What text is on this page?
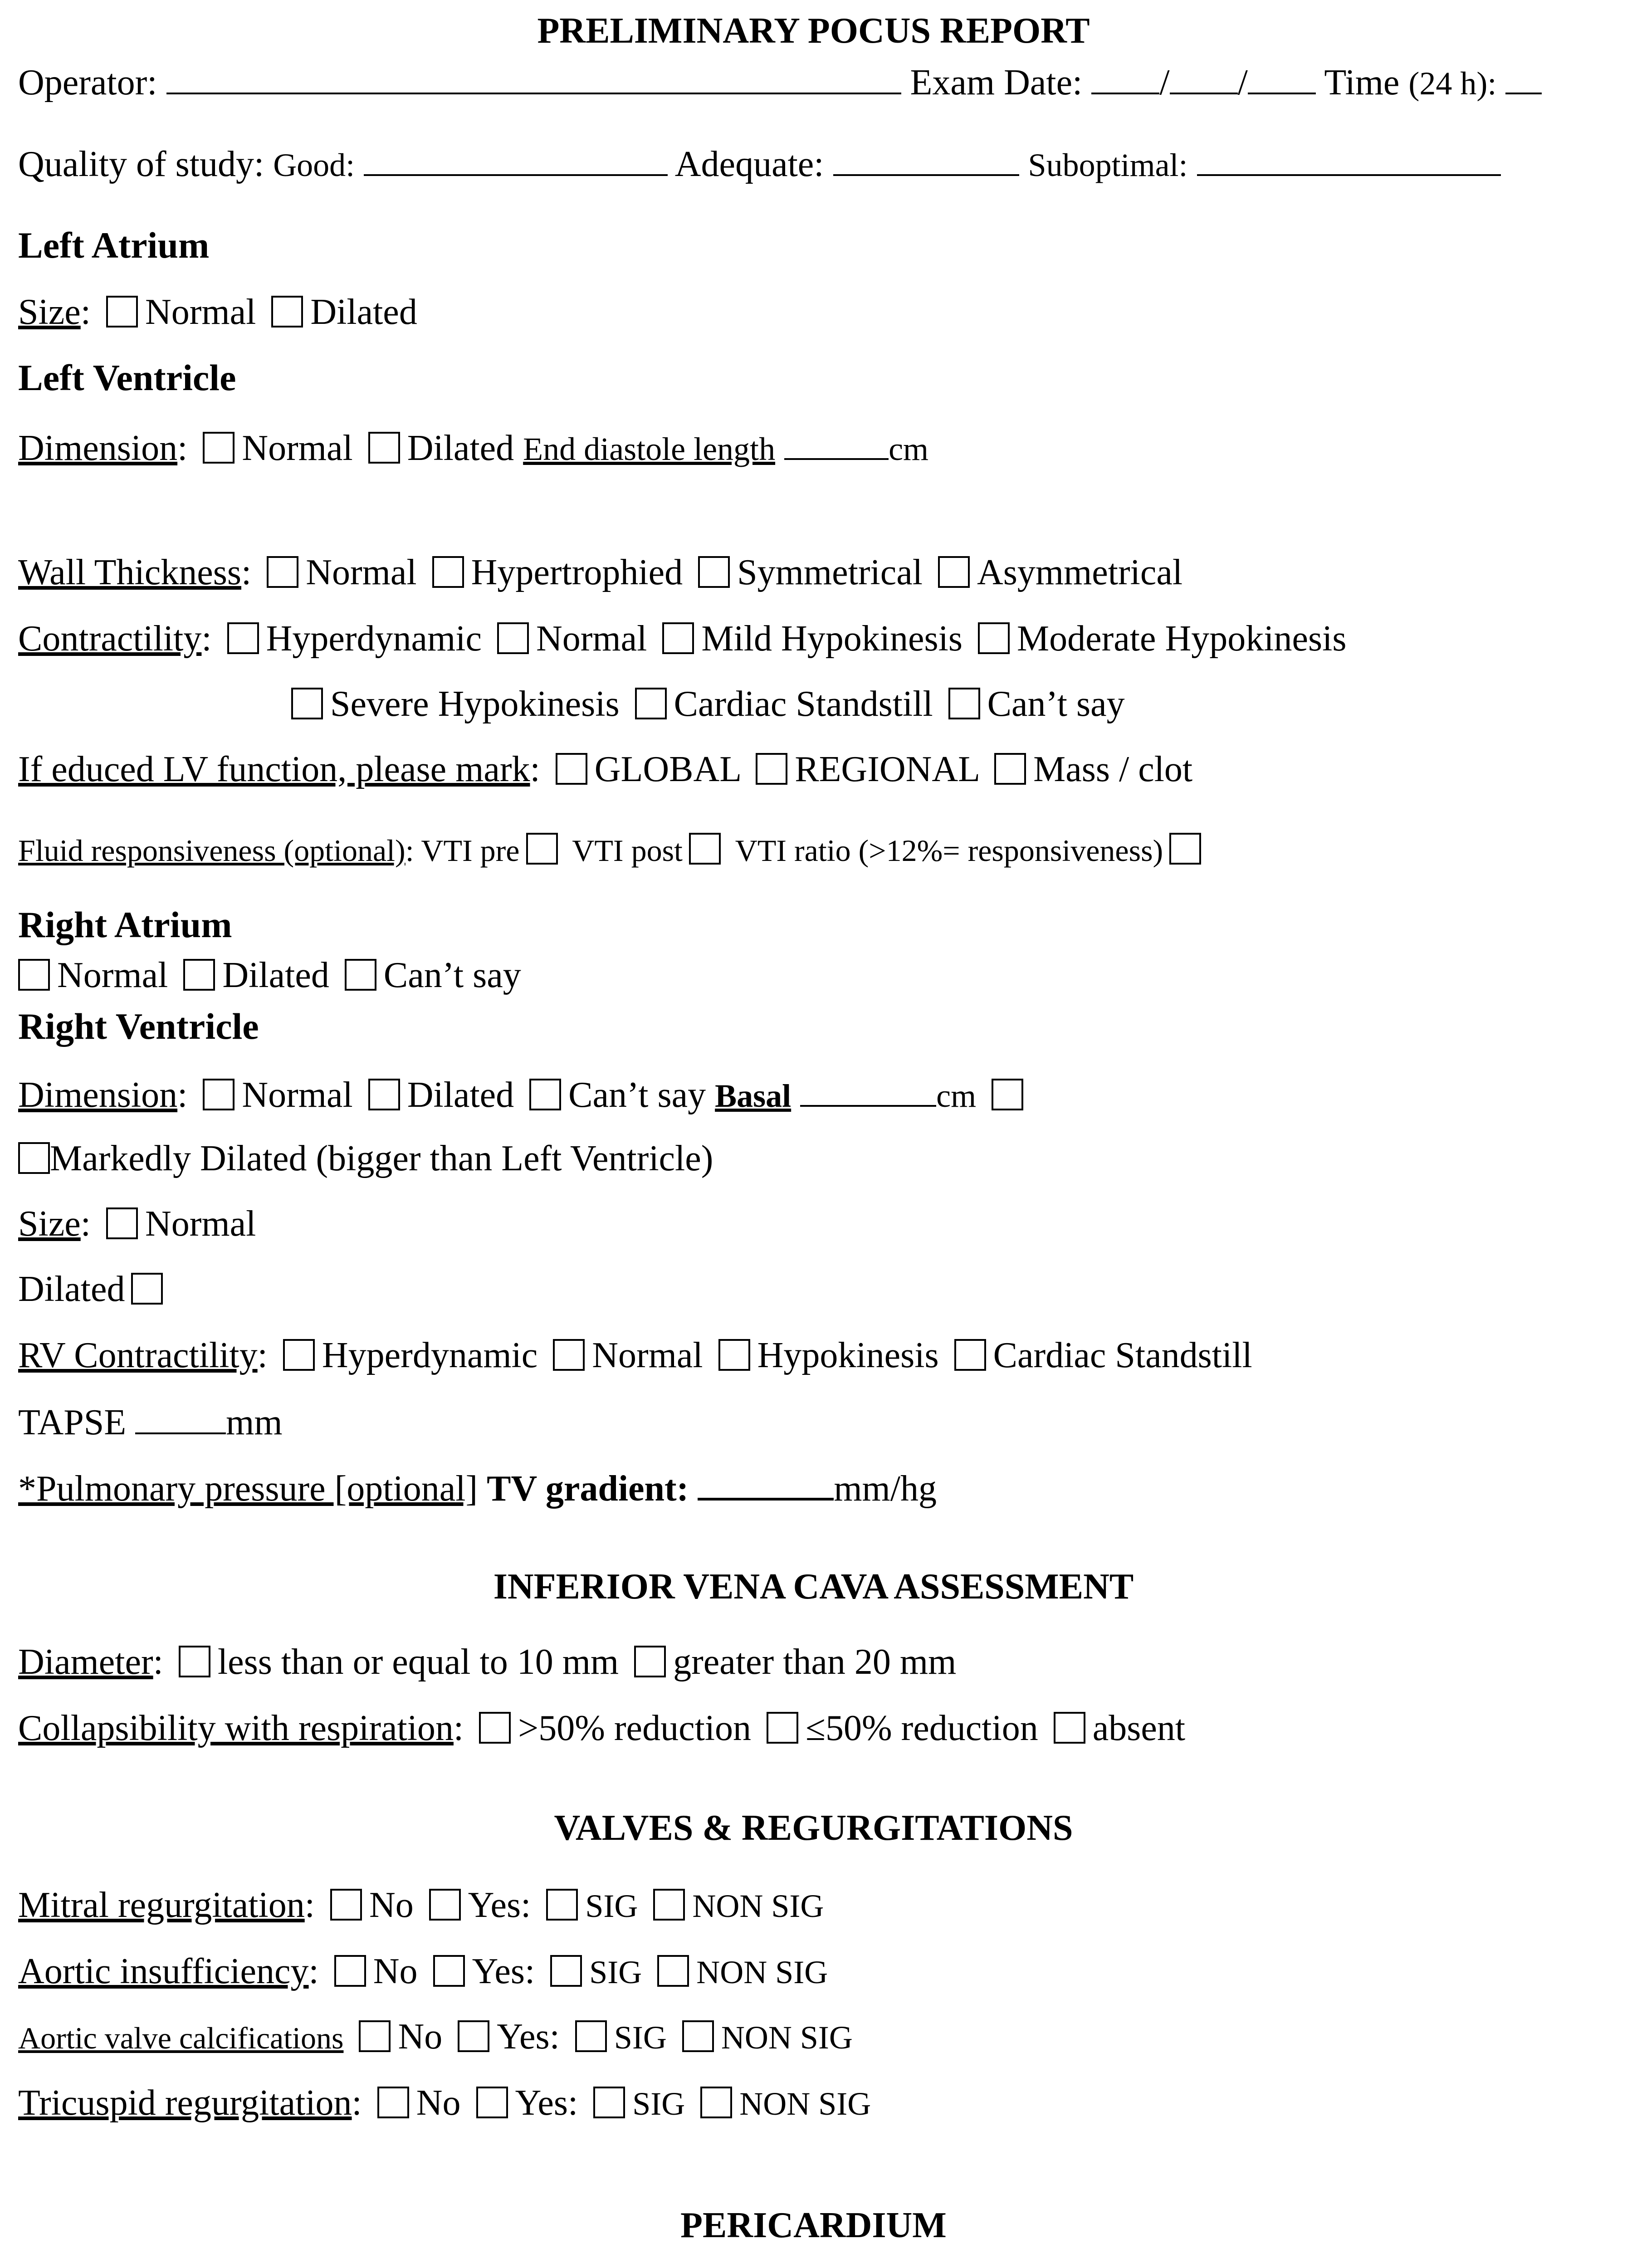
PRELIMINARY POCUS REPORT
Operator:	Exam Date: / / Time (24 h):
Quality of study: Good:	Adequate:	Suboptimal:
Left Atrium
Size: Normal Dilated
Left Ventricle
Dimension: Normal Dilated End diastole length	cm
Wall Thickness: Normal Hypertrophied Symmetrical Asymmetrical
Contractility: Hyperdynamic Normal Mild Hypokinesis Moderate Hypokinesis
Severe Hypokinesis Cardiac Standstill Can’t say
If educed LV function, please mark: GLOBAL REGIONAL Mass / clot
Fluid responsiveness (optional): VTI pre VTI post VTI ratio (>12%= responsiveness)
Right Atrium
Normal Dilated Can’t say
Right Ventricle
Dimension: Normal Dilated Can’t say Basal	cm
Markedly Dilated (bigger than Left Ventricle)
Size: Normal
Dilated
RV Contractility: Hyperdynamic Normal Hypokinesis Cardiac Standstill
TAPSE	mm
*Pulmonary pressure [optional] TV gradient:	mm/hg
INFERIOR VENA CAVA ASSESSMENT
Diameter: less than or equal to 10 mm greater than 20 mm
Collapsibility with respiration: >50% reduction ≤50% reduction absent
VALVES & REGURGITATIONS
Mitral regurgitation: No Yes: SIG NON SIG
Aortic insufficiency: No Yes: SIG NON SIG
Aortic valve calcifications No Yes: SIG NON SIG
Tricuspid regurgitation: No Yes: SIG NON SIG
PERICARDIUM
